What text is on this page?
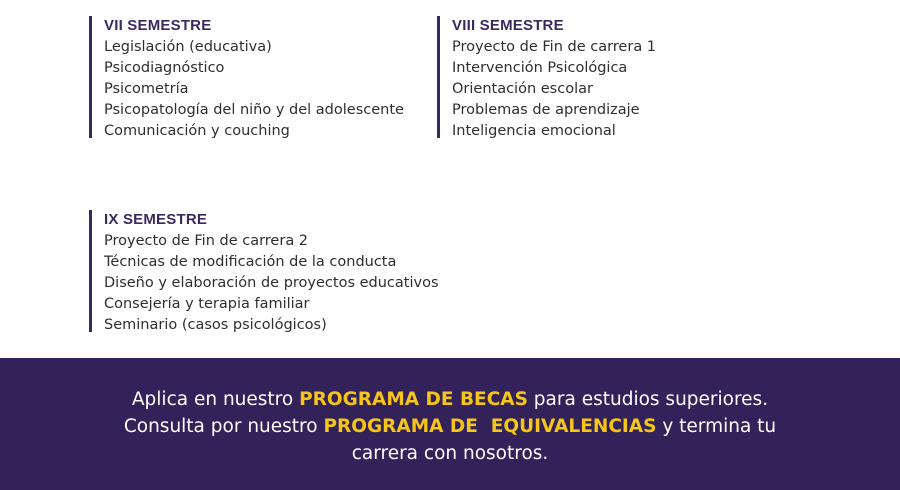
VII SEMESTRE
Legislación (educativa)
Psicodiagnóstico
Psicometría
Psicopatología del niño y del adolescente
Comunicación y couching
VIII SEMESTRE
Proyecto de Fin de carrera 1
Intervención Psicológica
Orientación escolar
Problemas de aprendizaje
Inteligencia emocional
IX SEMESTRE
Proyecto de Fin de carrera 2
Técnicas de modificación de la conducta
Diseño y elaboración de proyectos educativos
Consejería y terapia familiar
Seminario (casos psicológicos)

Aplica en nuestro PROGRAMA DE BECAS para estudios superiores.

Consulta por nuestro PROGRAMA DE  EQUIVALENCIAS y termina tu

carrera con nosotros.
